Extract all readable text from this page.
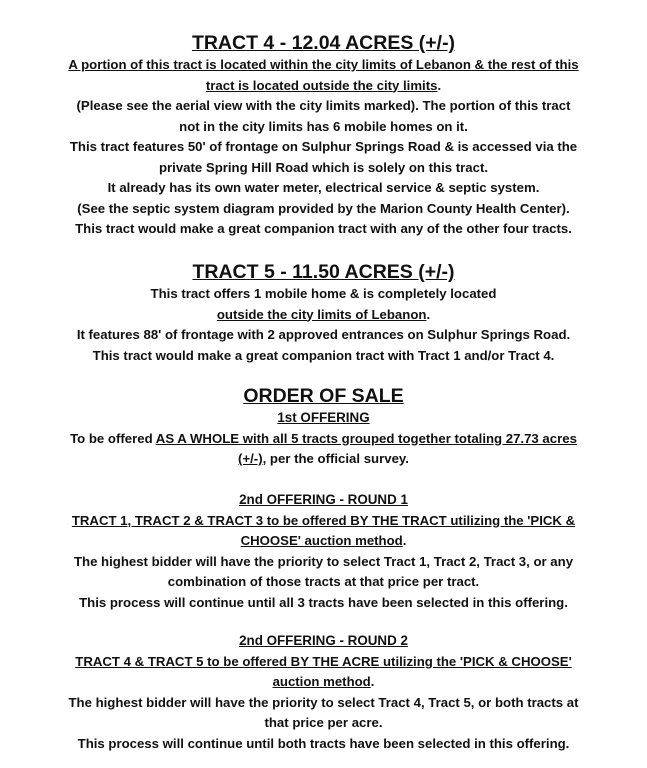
TRACT 4 - 12.04 ACRES (+/-)

A portion of this tract is located within the city limits of Lebanon & the rest of this

tract is located outside the city limits.

(Please see the aerial view with the city limits marked). The portion of this tract

not in the city limits has 6 mobile homes on it.

This tract features 50' of frontage on Sulphur Springs Road & is accessed via the

private Spring Hill Road which is solely on this tract.

It already has its own water meter, electrical service & septic system.

(See the septic system diagram provided by the Marion County Health Center).

This tract would make a great companion tract with any of the other four tracts.

TRACT 5 - 11.50 ACRES (+/-)

This tract offers 1 mobile home & is completely located

outside the city limits of Lebanon.

It features 88' of frontage with 2 approved entrances on Sulphur Springs Road.

This tract would make a great companion tract with Tract 1 and/or Tract 4.

ORDER OF SALE

1st OFFERING

To be offered AS A WHOLE with all 5 tracts grouped together totaling 27.73 acres

(+/-), per the official survey.

2nd OFFERING - ROUND 1

TRACT 1, TRACT 2 & TRACT 3 to be offered BY THE TRACT utilizing the 'PICK &

CHOOSE' auction method.

The highest bidder will have the priority to select Tract 1, Tract 2, Tract 3, or any

combination of those tracts at that price per tract.

This process will continue until all 3 tracts have been selected in this offering.

2nd OFFERING - ROUND 2

TRACT 4 & TRACT 5 to be offered BY THE ACRE utilizing the 'PICK & CHOOSE'

auction method.

The highest bidder will have the priority to select Tract 4, Tract 5, or both tracts at

that price per acre.

This process will continue until both tracts have been selected in this offering.
